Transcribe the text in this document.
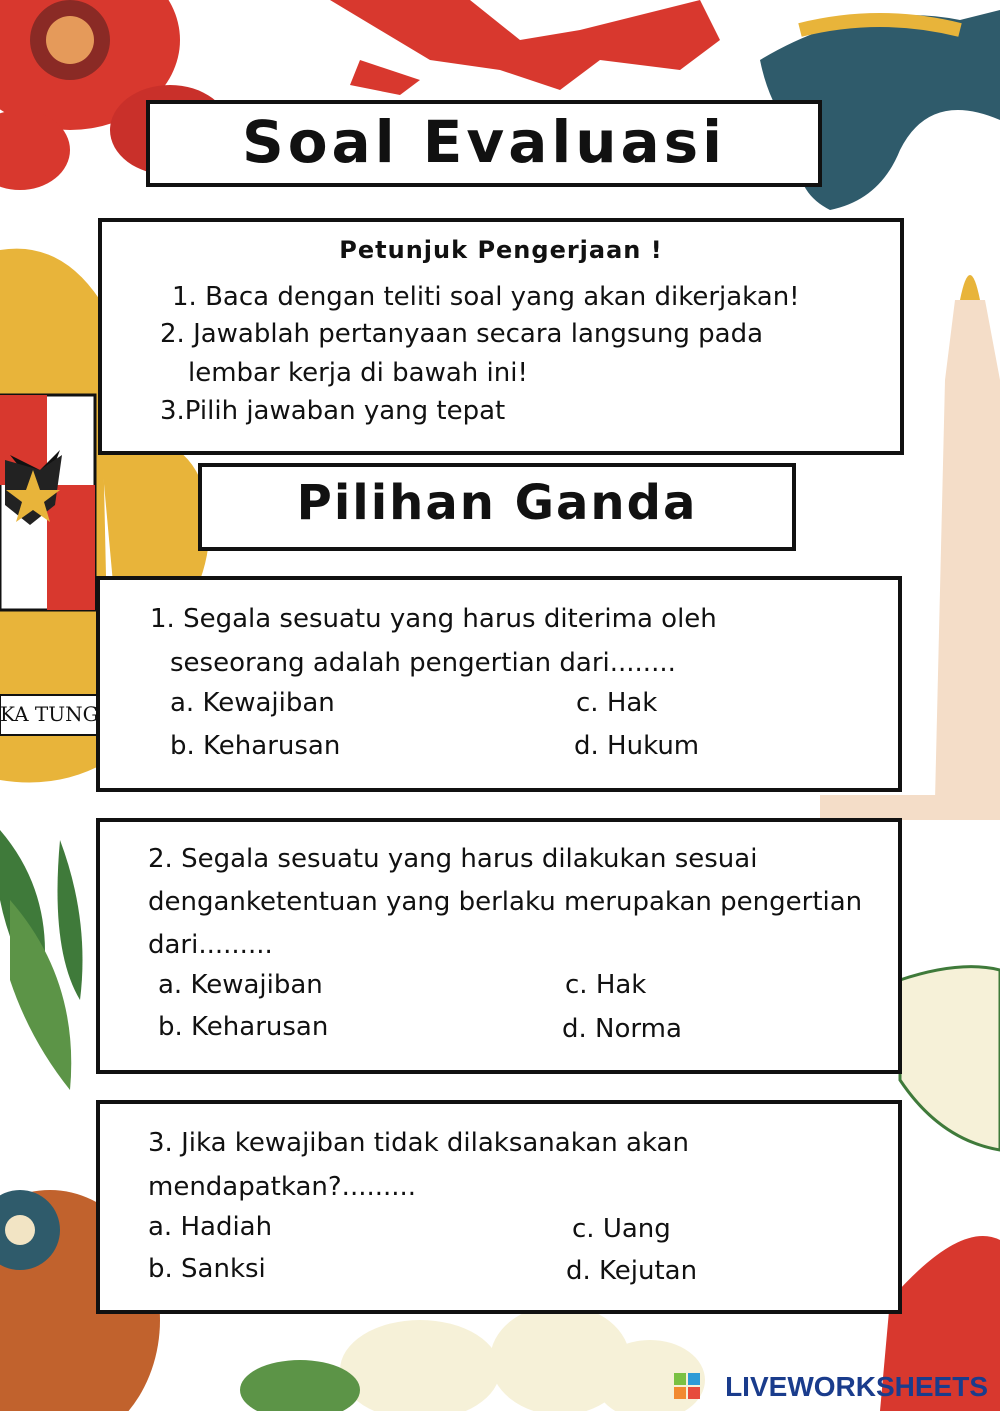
Soal Evaluasi
Petunjuk Pengerjaan !
1. Baca dengan teliti soal yang akan dikerjakan!
2. Jawablah pertanyaan secara langsung pada
lembar kerja di bawah ini!
3.Pilih jawaban yang tepat
Pilihan Ganda
1. Segala sesuatu yang harus diterima oleh
seseorang adalah pengertian dari........
a. Kewajiban	c. Hak
b. Keharusan	d. Hukum
2. Segala sesuatu yang harus dilakukan sesuai
denganketentuan yang berlaku merupakan pengertian
dari.........
a. Kewajiban	c. Hak
b. Keharusan	d. Norma
3. Jika kewajiban tidak dilaksanakan akan
mendapatkan?.........
a. Hadiah	c. Uang
b. Sanksi	d. Kejutan
KA TUNG
LIVEWORKSHEETS
